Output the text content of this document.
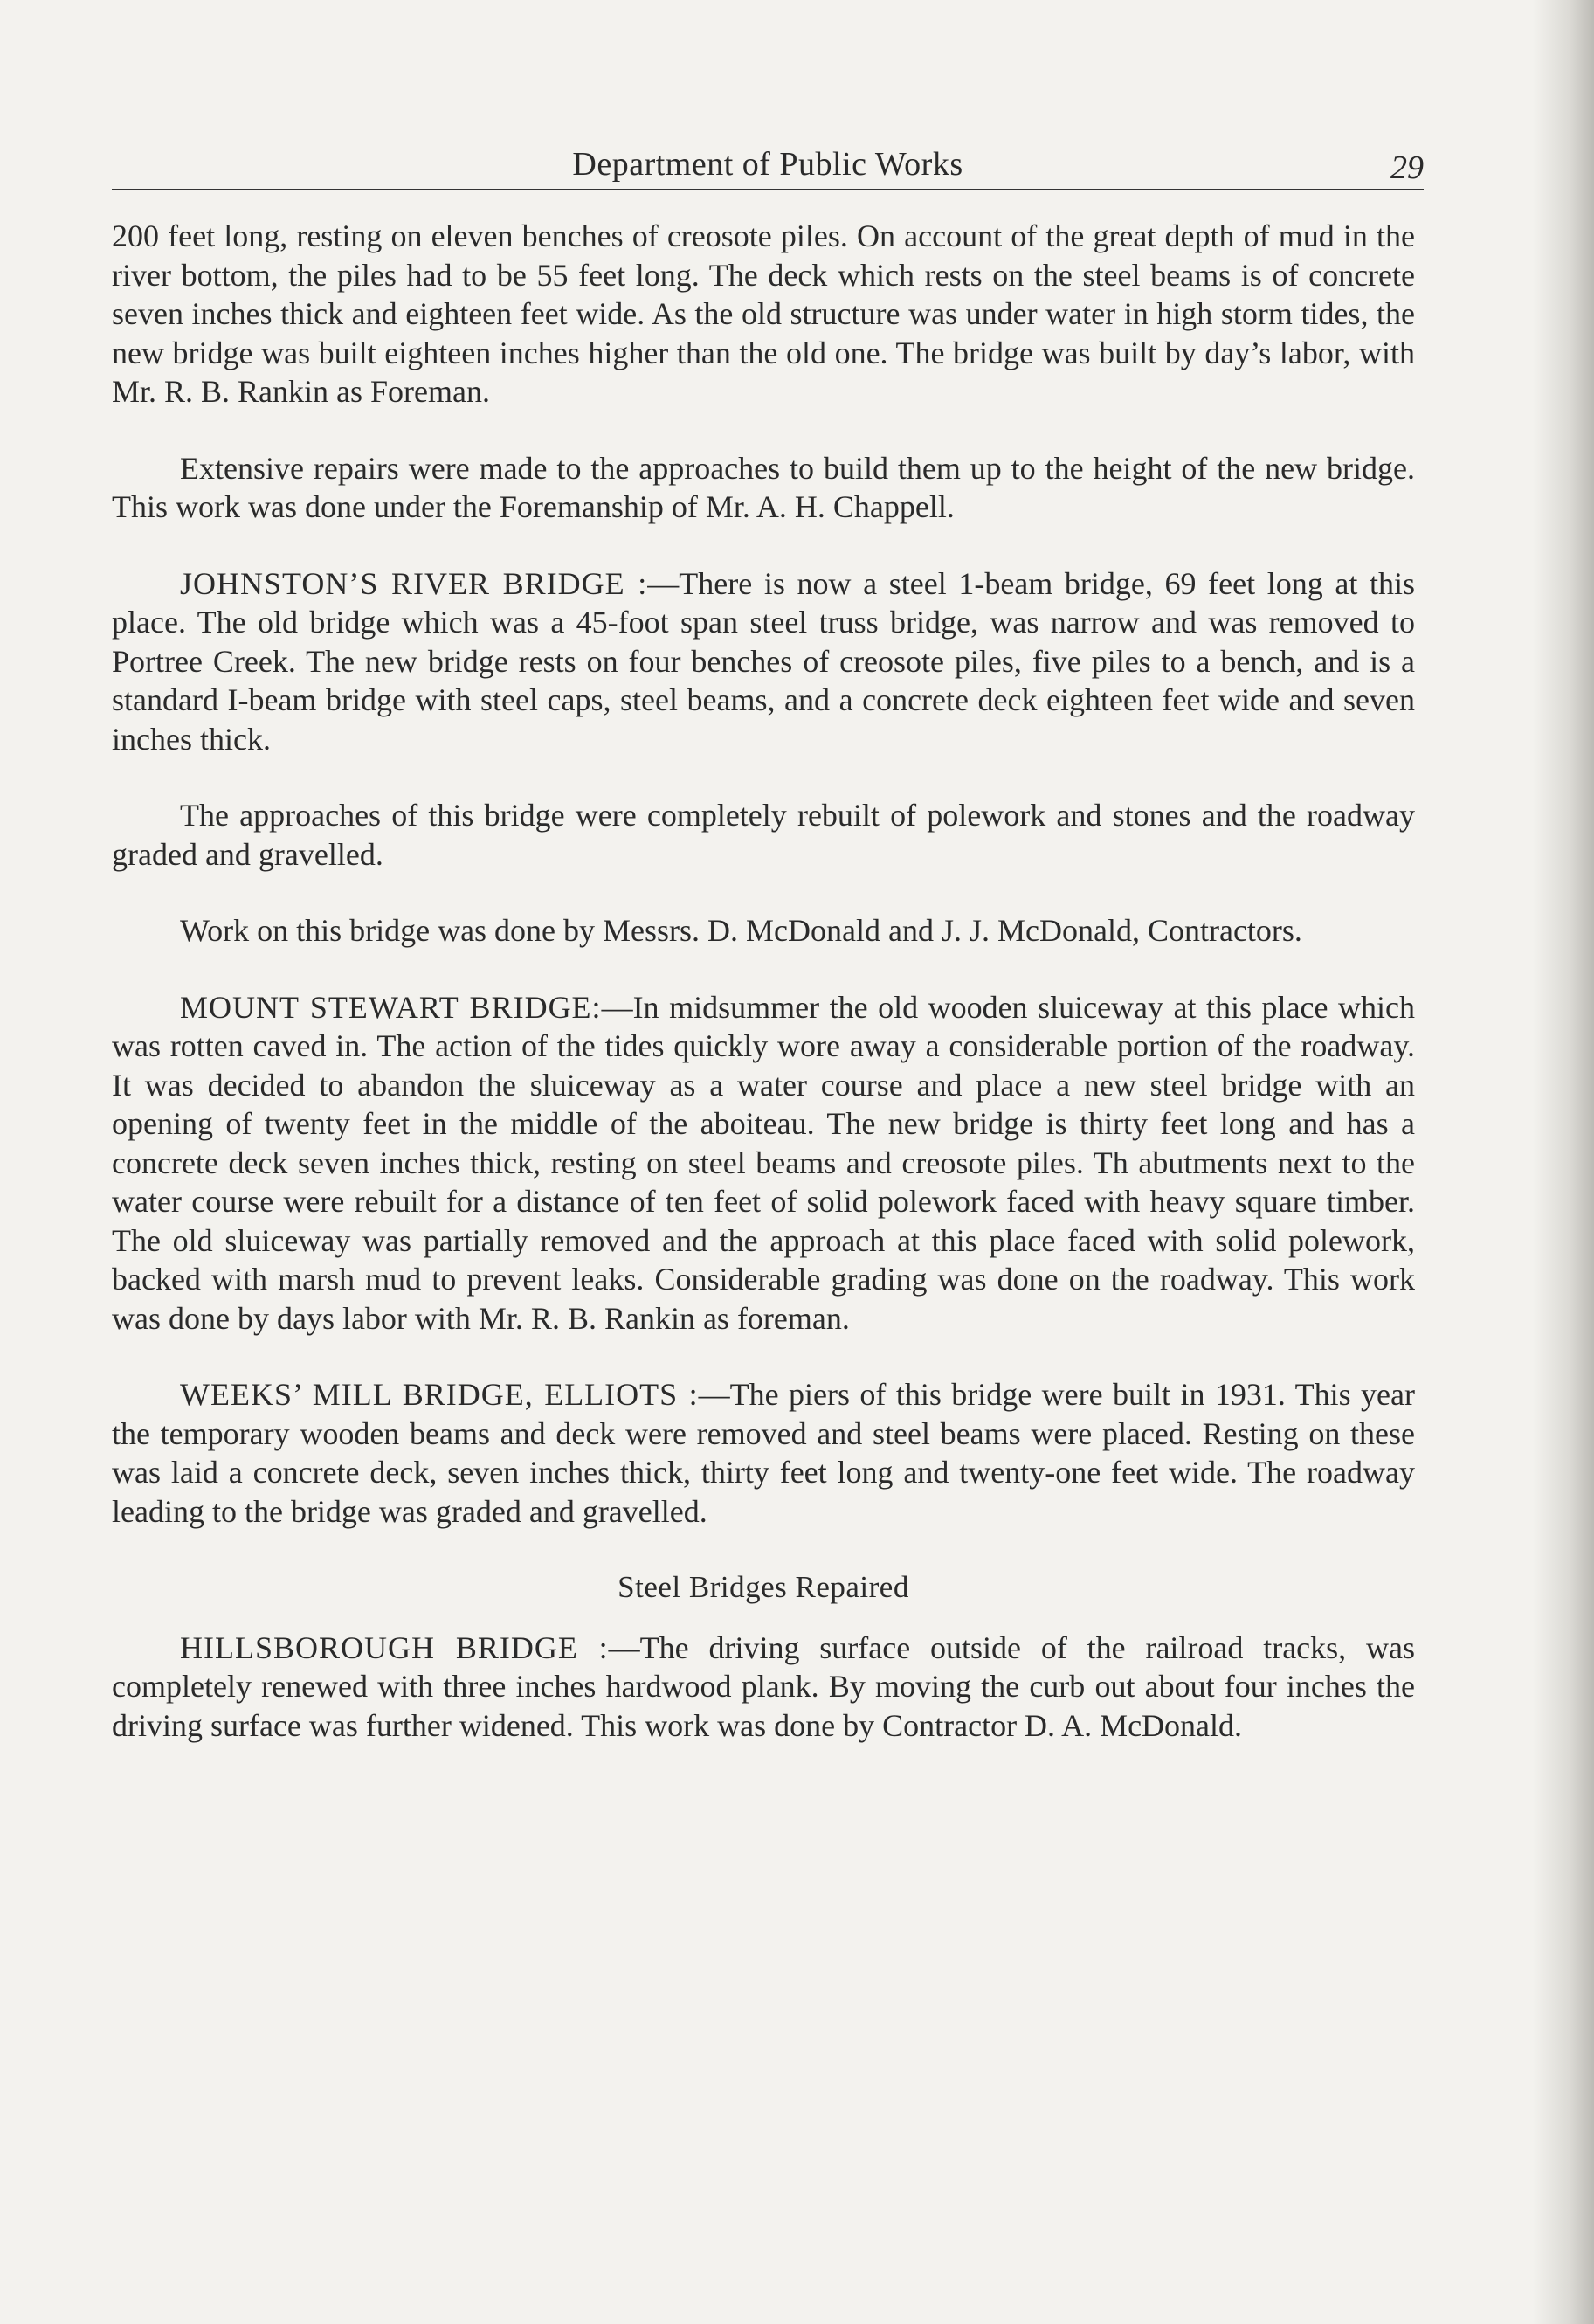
Department of Public Works	29

200 feet long, resting on eleven benches of creosote piles. On account of the great depth of mud in the river bottom, the piles had to be 55 feet long. The deck which rests on the steel beams is of concrete seven inches thick and eighteen feet wide. As the old structure was under water in high storm tides, the new bridge was built eighteen inches higher than the old one. The bridge was built by day’s labor, with Mr. R. B. Rankin as Foreman.

Extensive repairs were made to the approaches to build them up to the height of the new bridge. This work was done under the Foremanship of Mr. A. H. Chappell.

JOHNSTON’S RIVER BRIDGE :—There is now a steel 1-beam bridge, 69 feet long at this place. The old bridge which was a 45-foot span steel truss bridge, was narrow and was removed to Portree Creek. The new bridge rests on four benches of creosote piles, five piles to a bench, and is a standard I-beam bridge with steel caps, steel beams, and a concrete deck eighteen feet wide and seven inches thick.

The approaches of this bridge were completely rebuilt of polework and stones and the roadway graded and gravelled.

Work on this bridge was done by Messrs. D. McDonald and J. J. McDonald, Contractors.

MOUNT STEWART BRIDGE:—In midsummer the old wooden sluiceway at this place which was rotten caved in. The action of the tides quickly wore away a considerable portion of the roadway. It was decided to abandon the sluiceway as a water course and place a new steel bridge with an opening of twenty feet in the middle of the aboiteau. The new bridge is thirty feet long and has a concrete deck seven inches thick, resting on steel beams and creosote piles. Th abutments next to the water course were rebuilt for a distance of ten feet of solid polework faced with heavy square timber. The old sluiceway was partially removed and the approach at this place faced with solid polework, backed with marsh mud to prevent leaks. Considerable grading was done on the roadway. This work was done by days labor with Mr. R. B. Rankin as foreman.

WEEKS’ MILL BRIDGE, ELLIOTS :—The piers of this bridge were built in 1931. This year the temporary wooden beams and deck were removed and steel beams were placed. Resting on these was laid a concrete deck, seven inches thick, thirty feet long and twenty-one feet wide. The roadway leading to the bridge was graded and gravelled.

Steel Bridges Repaired

HILLSBOROUGH BRIDGE :—The driving surface outside of the railroad tracks, was completely renewed with three inches hardwood plank. By moving the curb out about four inches the driving surface was further widened. This work was done by Contractor D. A. McDonald.
